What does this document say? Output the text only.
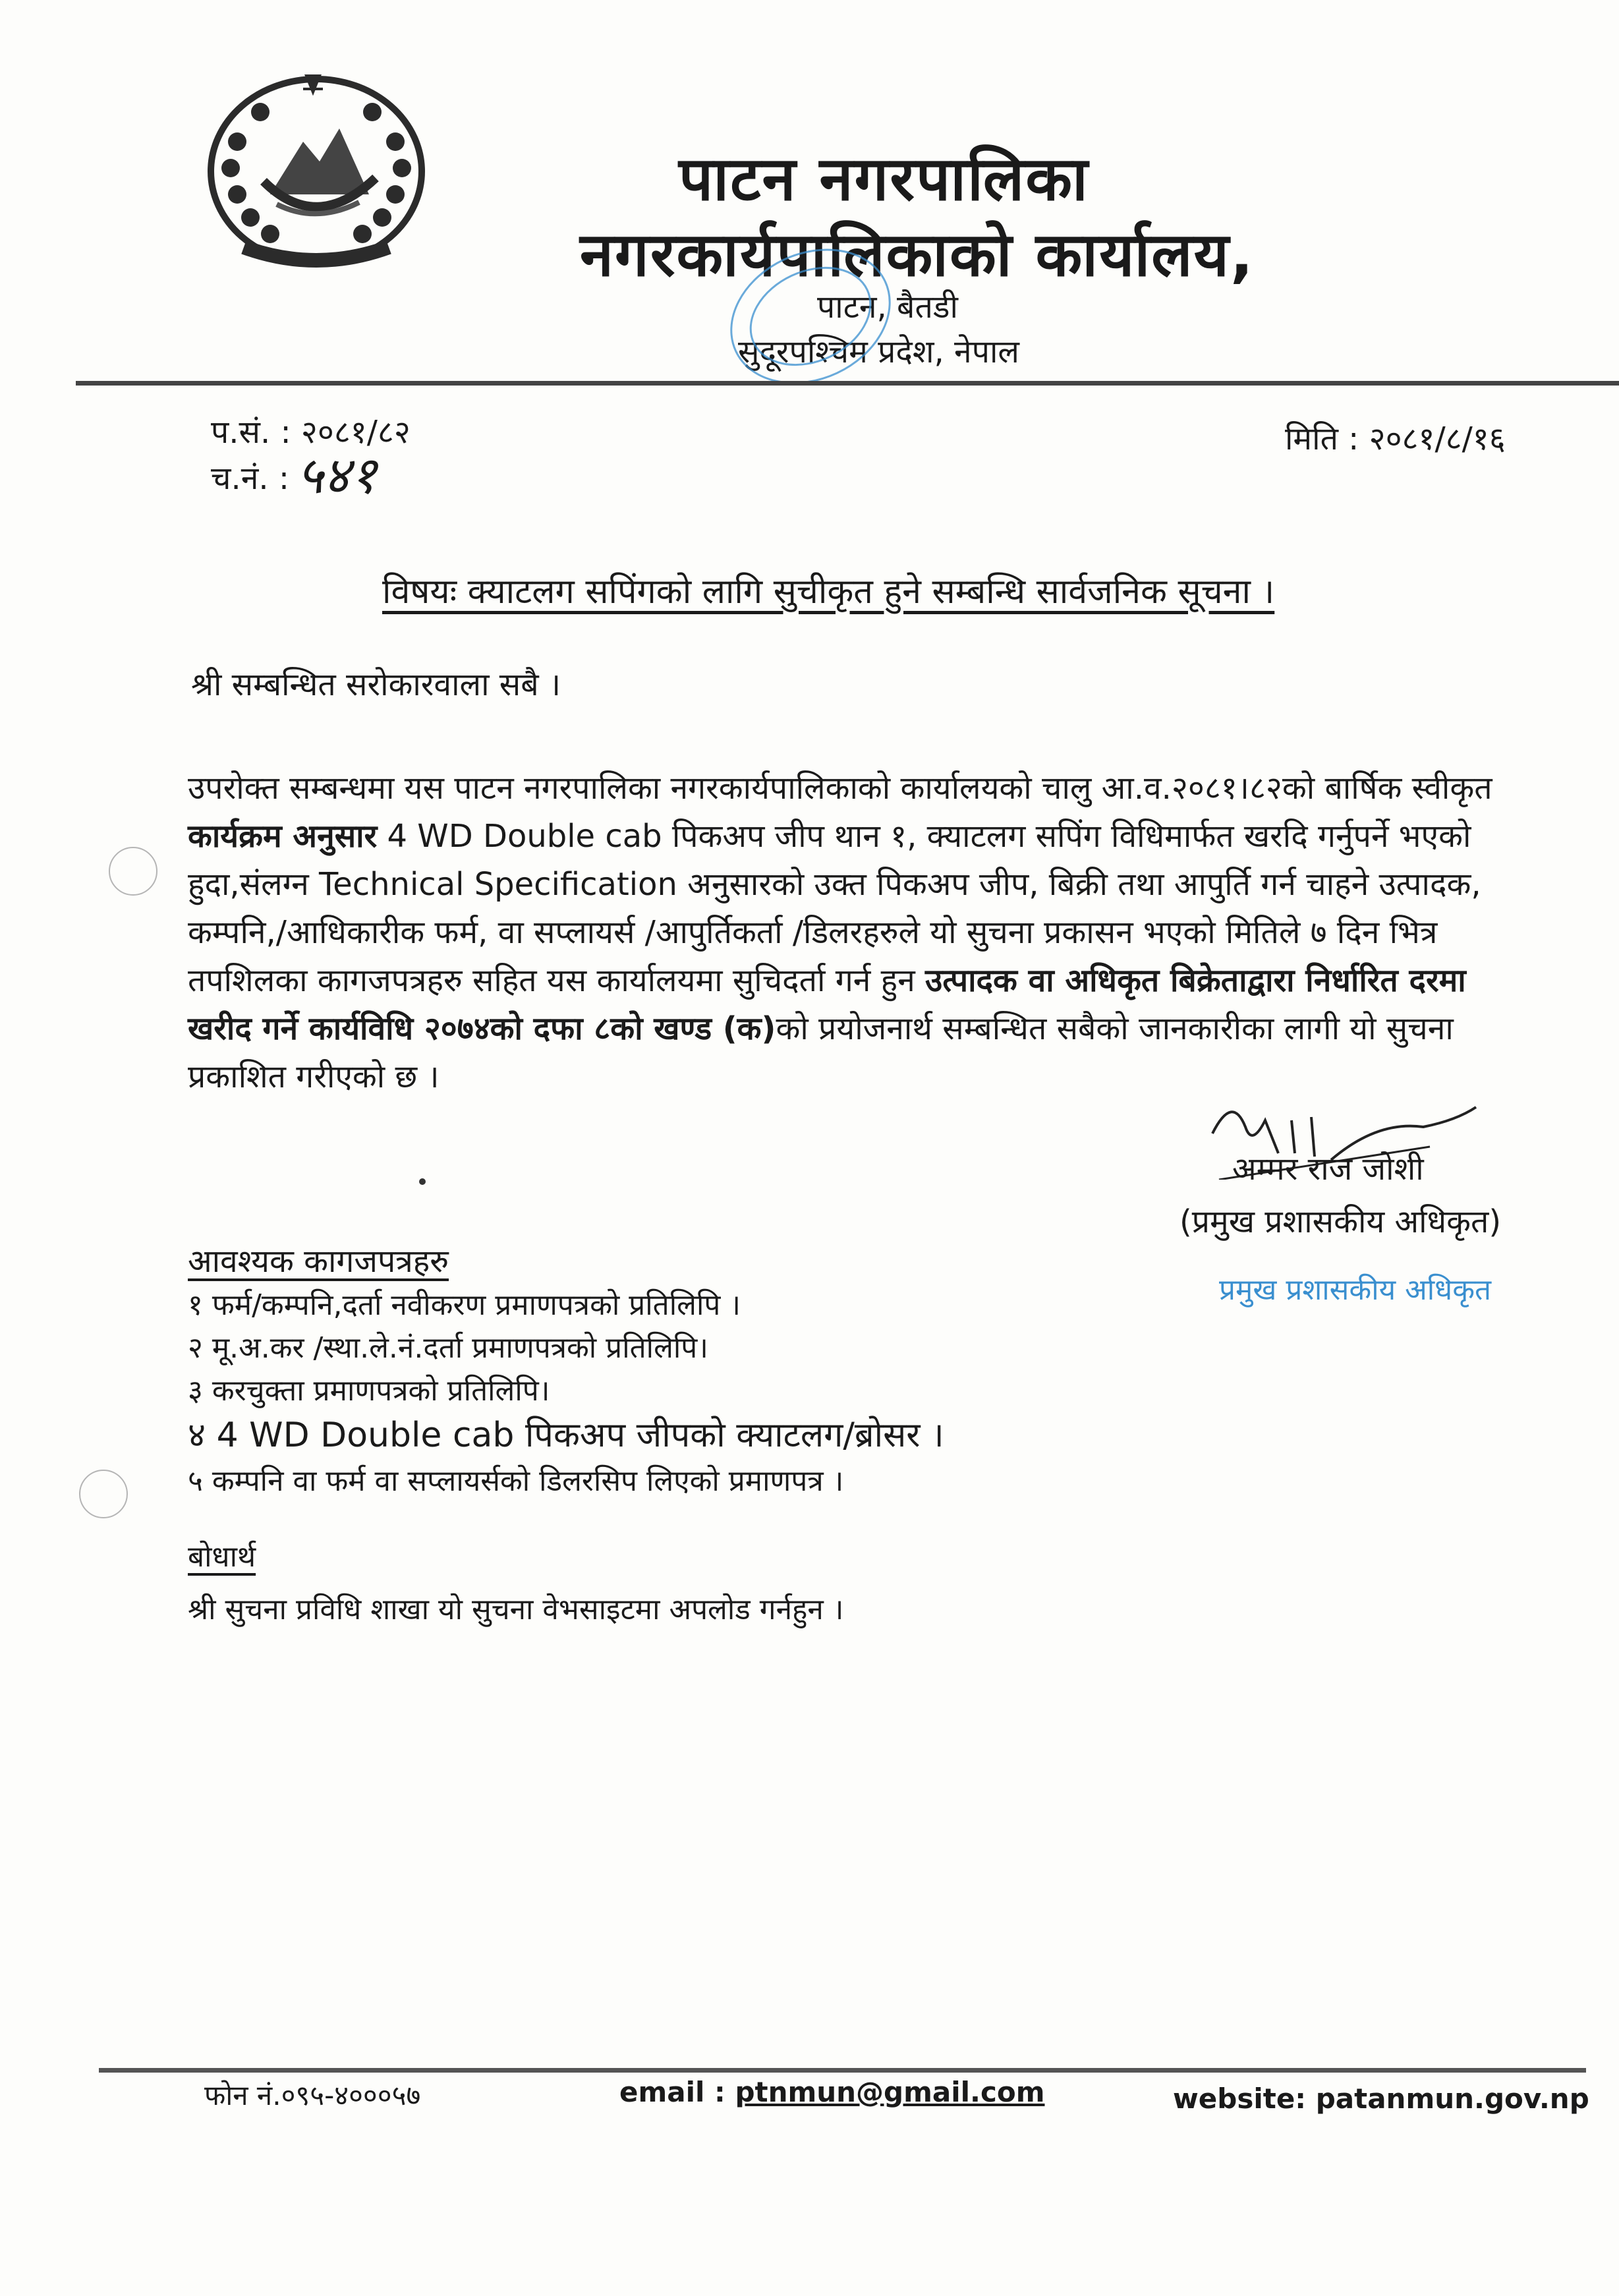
पाटन नगरपालिका
नगरकार्यपालिकाको कार्यालय,
पाटन, बैतडी
सुदूरपश्चिम प्रदेश, नेपाल
प.सं. : २०८१/८२
च.नं. : ५४१
मिति : २०८१/८/१६
विषयः क्याटलग सपिंगको लागि सुचीकृत हुने सम्बन्धि सार्वजनिक सूचना ।
श्री सम्बन्धित सरोकारवाला सबै ।
उपरोक्त सम्बन्धमा यस पाटन नगरपालिका नगरकार्यपालिकाको कार्यालयको चालु आ.व.२०८१।८२को बार्षिक स्वीकृत
कार्यक्रम अनुसार 4 WD Double cab पिकअप जीप थान १, क्याटलग सपिंग विधिमार्फत खरदि गर्नुपर्ने भएको
हुदा,संलग्न Technical Specification अनुसारको उक्त पिकअप जीप, बिक्री तथा आपुर्ति गर्न चाहने उत्पादक,
कम्पनि,/आधिकारीक फर्म, वा सप्लायर्स /आपुर्तिकर्ता /डिलरहरुले यो सुचना प्रकासन भएको मितिले ७ दिन भित्र
तपशिलका कागजपत्रहरु सहित यस कार्यालयमा सुचिदर्ता गर्न हुन उत्पादक वा अधिकृत बिक्रेताद्वारा निर्धारित दरमा
खरीद गर्ने कार्यविधि २०७४को दफा ८को खण्ड (क)को प्रयोजनार्थ सम्बन्धित सबैको जानकारीका लागी यो सुचना
प्रकाशित गरीएको छ ।
अम्मर राज जोशी
(प्रमुख प्रशासकीय अधिकृत)
प्रमुख प्रशासकीय अधिकृत
आवश्यक कागजपत्रहरु
१ फर्म/कम्पनि,दर्ता नवीकरण प्रमाणपत्रको प्रतिलिपि ।
२ मू.अ.कर /स्था.ले.नं.दर्ता प्रमाणपत्रको प्रतिलिपि।
३ करचुक्ता प्रमाणपत्रको प्रतिलिपि।
४ 4 WD Double cab पिकअप जीपको क्याटलग/ब्रोसर ।
५ कम्पनि वा फर्म वा सप्लायर्सको डिलरसिप लिएको प्रमाणपत्र ।
बोधार्थ
श्री सुचना प्रविधि शाखा यो सुचना वेभसाइटमा अपलोड गर्नहुन ।
फोन नं.०९५-४०००५७	email : ptnmun@gmail.com	website: patanmun.gov.np
